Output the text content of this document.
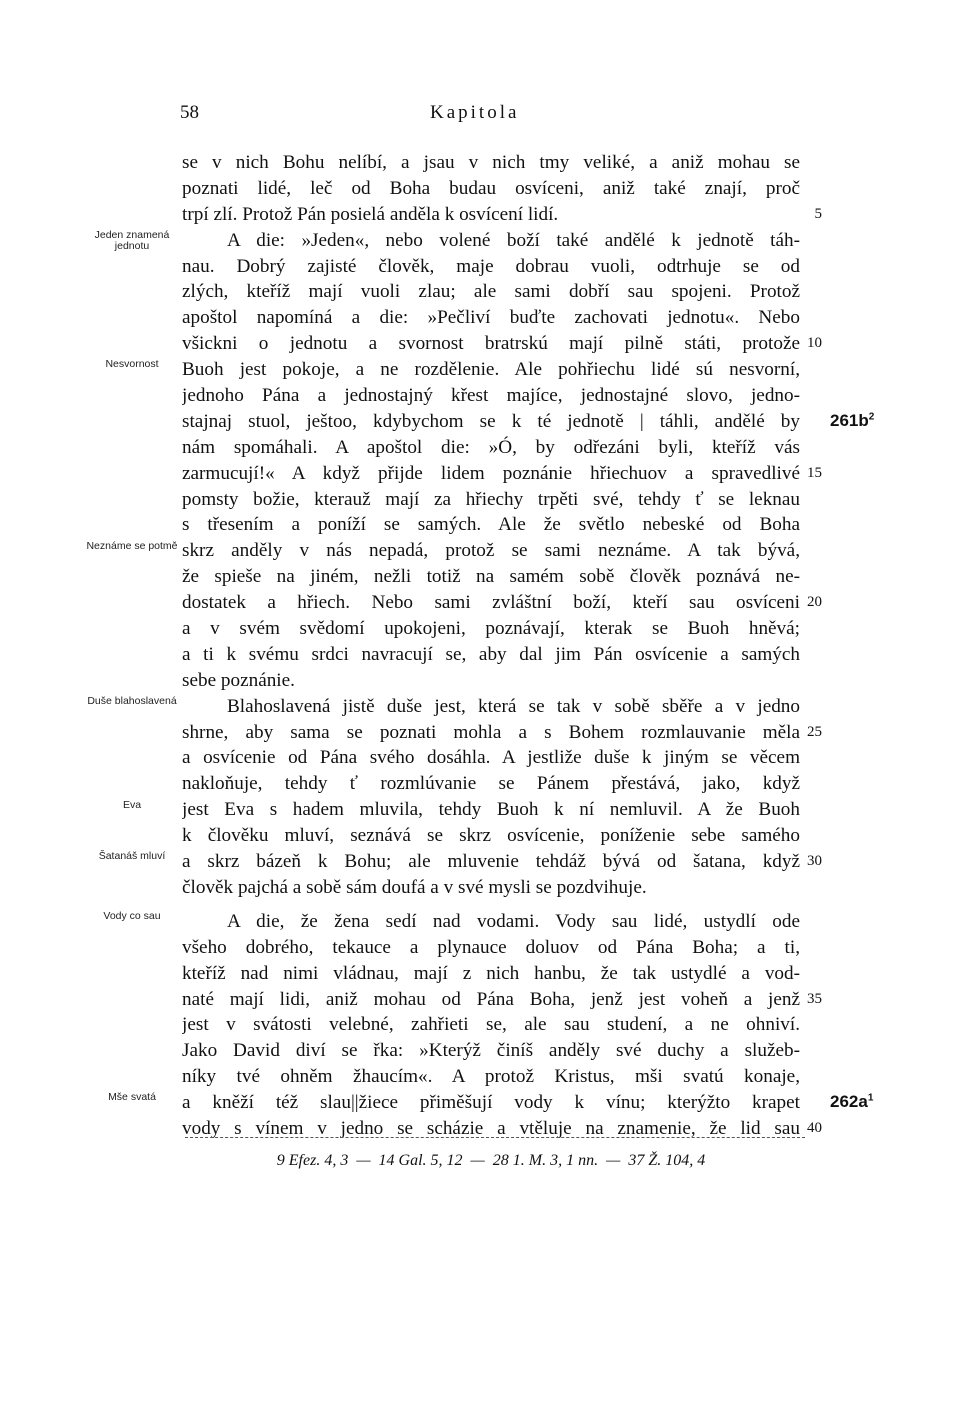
58	Kapitola
Jeden znamená jednotu
Nesvornost
Neznáme se potmě
Duše blahoslavená
Eva
Šatanáš mluví
Vody co sau
Mše svatá
se v nich Bohu nelíbí, a jsau v nich tmy veliké, a aniž mohau se
poznati lidé, leč od Boha budau osvíceni, aniž také znají, proč
trpí zlí. Protož Pán posielá anděla k osvícení lidí.
A die: »Jeden«, nebo volené boží také andělé k jednotě táh-
nau. Dobrý zajisté člověk, maje dobrau vuoli, odtrhuje se od
zlých, kteříž mají vuoli zlau; ale sami dobří sau spojeni. Protož
apoštol napomíná a die: »Pečliví buďte zachovati jednotu«. Nebo
všickni o jednotu a svornost bratrskú mají pilně státi, protože
Buoh jest pokoje, a ne rozdělenie. Ale pohřiechu lidé sú nesvorní,
jednoho Pána a jednostajný křest majíce, jednostajné slovo, jedno-
stajnaj stuol, ještoo, kdybychom se k té jednotě | táhli, andělé by
nám spomáhali. A apoštol die: »Ó, by odřezáni byli, kteříž vás
zarmucují!« A když přijde lidem poznánie hřiechuov a spravedlivé
pomsty božie, kterauž mají za hřiechy trpěti své, tehdy ť se leknau
s třesením a poníží se samých. Ale že světlo nebeské od Boha
skrz anděly v nás nepadá, protož se sami neznáme. A tak bývá,
že spieše na jiném, nežli totiž na samém sobě člověk poznává ne-
dostatek a hřiech. Nebo sami zvláštní boží, kteří sau osvíceni
a v svém svědomí upokojeni, poznávají, kterak se Buoh hněvá;
a ti k svému srdci navracují se, aby dal jim Pán osvícenie a samých
sebe poznánie.
Blahoslavená jistě duše jest, která se tak v sobě sběře a v jedno
shrne, aby sama se poznati mohla a s Bohem rozmlauvanie měla
a osvícenie od Pána svého dosáhla. A jestliže duše k jiným se věcem
nakloňuje, tehdy ť rozmlúvanie se Pánem přestává, jako, když
jest Eva s hadem mluvila, tehdy Buoh k ní nemluvil. A že Buoh
k člověku mluví, seznává se skrz osvícenie, poníženie sebe samého
a skrz bázeň k Bohu; ale mluvenie tehdáž bývá od šatana, když
člověk pajchá a sobě sám doufá a v své mysli se pozdvihuje.
A die, že žena sedí nad vodami. Vody sau lidé, ustydlí ode
všeho dobrého, tekauce a plynauce doluov od Pána Boha; a ti,
kteříž nad nimi vládnau, mají z nich hanbu, že tak ustydlé a vod-
naté mají lidi, aniž mohau od Pána Boha, jenž jest voheň a jenž
jest v svátosti velebné, zahřieti se, ale sau studení, a ne ohniví.
Jako David diví se řka: »Kterýž činíš anděly své duchy a služeb-
níky tvé ohněm žhaucím«. A protož Kristus, mši svatú konaje,
a kněží též slau||žiece přiměšují vody k vínu; kterýžto krapet
vody s vínem v jedno se scházie a vtěluje na znamenie, že lid sau
5
10
15
20
25
30
35
40
$261b^2$
$262a^1$
9 Efez. 4, 3  —  14 Gal. 5, 12  —  28 1. M. 3, 1 nn.  —  37 Ž. 104, 4
